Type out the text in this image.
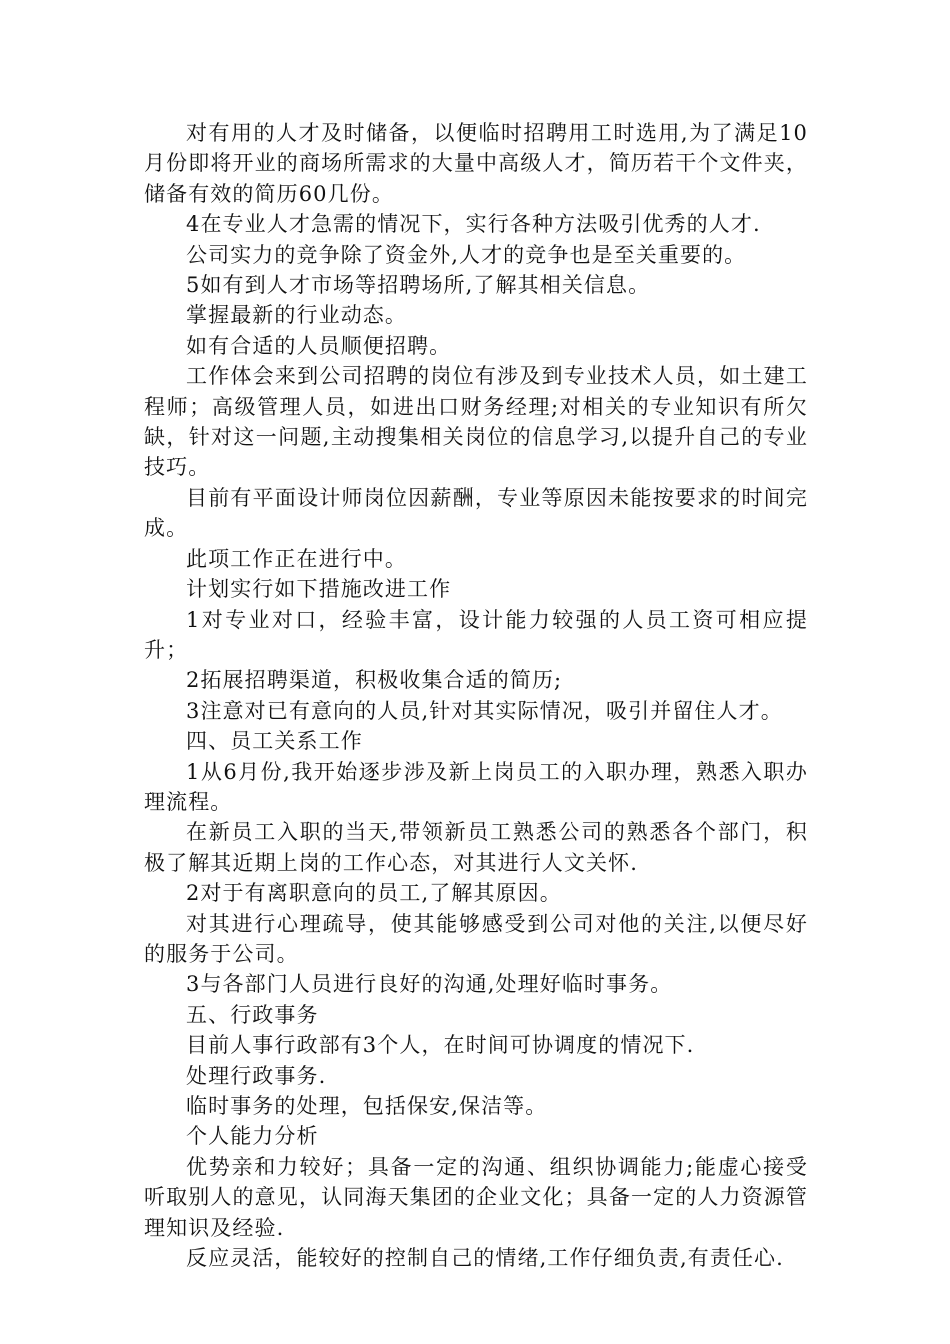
对有用的人才及时储备，以便临时招聘用工时选用,为了满足10月份即将开业的商场所需求的大量中高级人才，简历若干个文件夹，储备有效的简历60几份。

4在专业人才急需的情况下，实行各种方法吸引优秀的人才.

公司实力的竞争除了资金外,人才的竞争也是至关重要的。

5如有到人才市场等招聘场所,了解其相关信息。

掌握最新的行业动态。

如有合适的人员顺便招聘。

工作体会来到公司招聘的岗位有涉及到专业技术人员，如土建工程师；高级管理人员，如进出口财务经理;对相关的专业知识有所欠缺，针对这一问题,主动搜集相关岗位的信息学习,以提升自己的专业技巧。

目前有平面设计师岗位因薪酬，专业等原因未能按要求的时间完成。

此项工作正在进行中。

计划实行如下措施改进工作

1对专业对口，经验丰富，设计能力较强的人员工资可相应提升；

2拓展招聘渠道，积极收集合适的简历;

3注意对已有意向的人员,针对其实际情况，吸引并留住人才。

四、员工关系工作

1从6月份,我开始逐步涉及新上岗员工的入职办理，熟悉入职办理流程。

在新员工入职的当天,带领新员工熟悉公司的熟悉各个部门，积极了解其近期上岗的工作心态，对其进行人文关怀.

2对于有离职意向的员工,了解其原因。

对其进行心理疏导，使其能够感受到公司对他的关注,以便尽好的服务于公司。

3与各部门人员进行良好的沟通,处理好临时事务。

五、行政事务

目前人事行政部有3个人，在时间可协调度的情况下.

处理行政事务.

临时事务的处理，包括保安,保洁等。

个人能力分析

优势亲和力较好；具备一定的沟通、组织协调能力;能虚心接受听取别人的意见，认同海天集团的企业文化；具备一定的人力资源管理知识及经验.

反应灵活，能较好的控制自己的情绪,工作仔细负责,有责任心.
